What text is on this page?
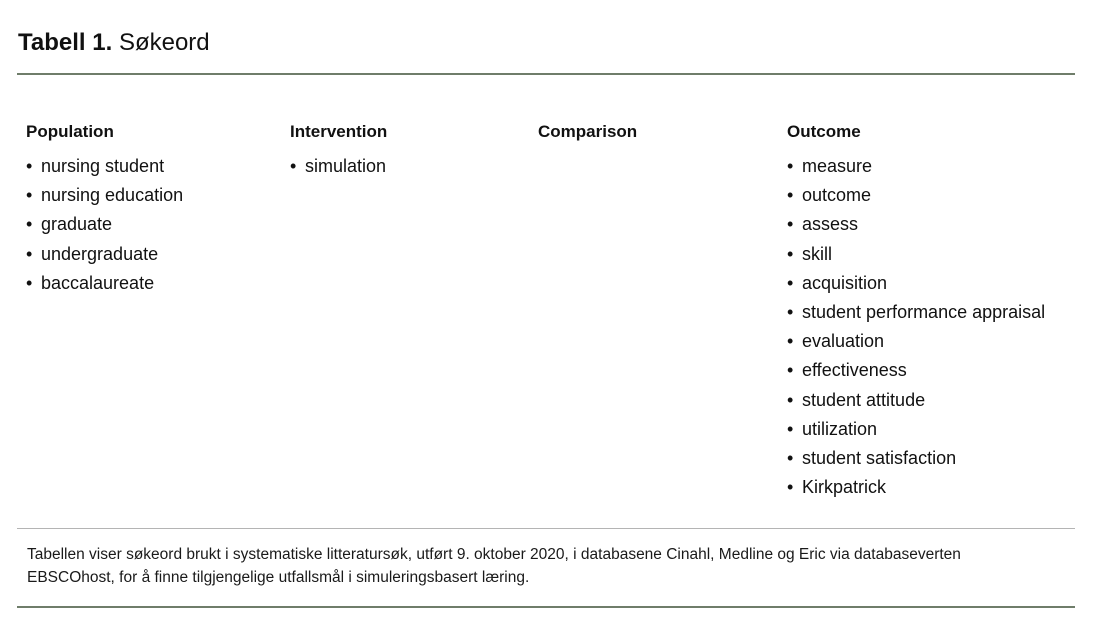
Tabell 1. Søkeord
Population
• nursing student
• nursing education
• graduate
• undergraduate
• baccalaureate
Intervention
• simulation
Comparison	Outcome
• measure
• outcome
• assess
• skill
• acquisition
• student performance appraisal
• evaluation
• effectiveness
• student attitude
• utilization
• student satisfaction
• Kirkpatrick
Tabellen viser søkeord brukt i systematiske litteratursøk, utført 9. oktober 2020, i databasene Cinahl, Medline og Eric via databaseverten
EBSCOhost, for å finne tilgjengelige utfallsmål i simuleringsbasert læring.
